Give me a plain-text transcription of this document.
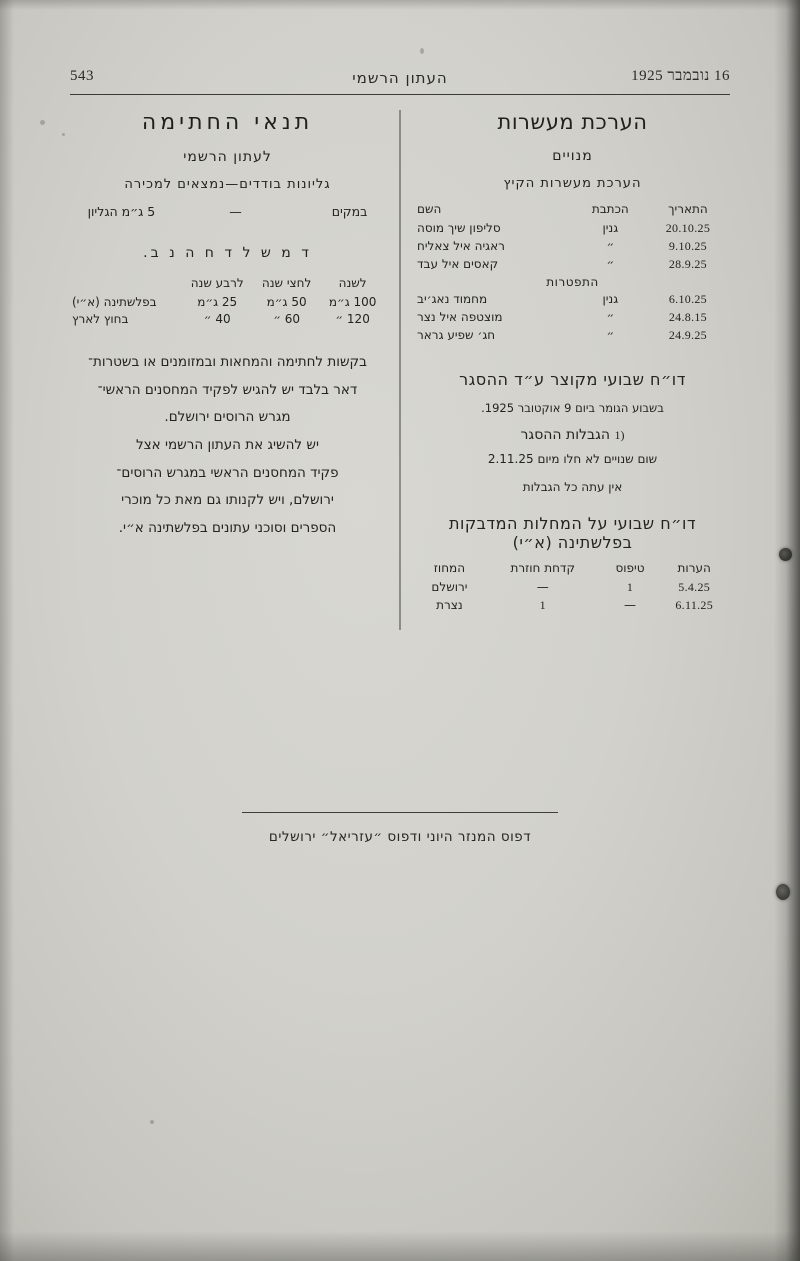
543	העתון הרשמי	16 נובמבר 1925
הערכת מעשרות
מנויים
הערכת מעשרות הקיץ
התאריך	הכתבת	השם
20.10.25	גנין	סליפון שיך מוסה
9.10.25	״	ראגיה איל צאליח
28.9.25	״	קאסים איל עבד

התפטרות		

6.10.25	גנין	מחמוד נאג׳יב
24.8.15	״	מוצטפה איל נצר
24.9.25	״	חג׳ שפיע גראר
דו״ח שבועי מקוצר ע״ד ההסגר
בשבוע הגומר ביום 9 אוקטובר 1925.
(1 הגבלות ההסגר
שום שנויים לא חלו מיום 2.11.25
אין עתה כל הגבלות
דו״ח שבועי על המחלות המדבקות בפלשתינה (א״י)
הערות	טיפוס	קדחת חוזרת	המחוז
5.4.25	1	—	ירושלם
6.11.25	—	1	נצרת
תנאי החתימה
לעתון הרשמי
גליונות בודדים—נמצאים למכירה
במקים  —  5 ג״מ הגליון
ד מ ש ל ד ח ה נ ב.
לשנה	לחצי שנה	לרבע שנה	
100 ג״מ	50 ג״מ	25 ג״מ	בפלשתינה (א״י)
120 ״	60 ״	40 ״	בחוץ לארץ
בקשות לחתימה והמחאות ובמזומנים או בשטרות־
דאר בלבד יש להגיש לפקיד המחסנים הראשי־
מגרש הרוסים ירושלם.
יש להשיג את העתון הרשמי אצל
פקיד המחסנים הראשי במגרש הרוסים־
ירושלם, ויש לקנותו גם מאת כל מוכרי
הספרים וסוכני עתונים בפלשתינה א״י.
דפוס המנזר היוני ודפוס ״עזריאל״ ירושלים
